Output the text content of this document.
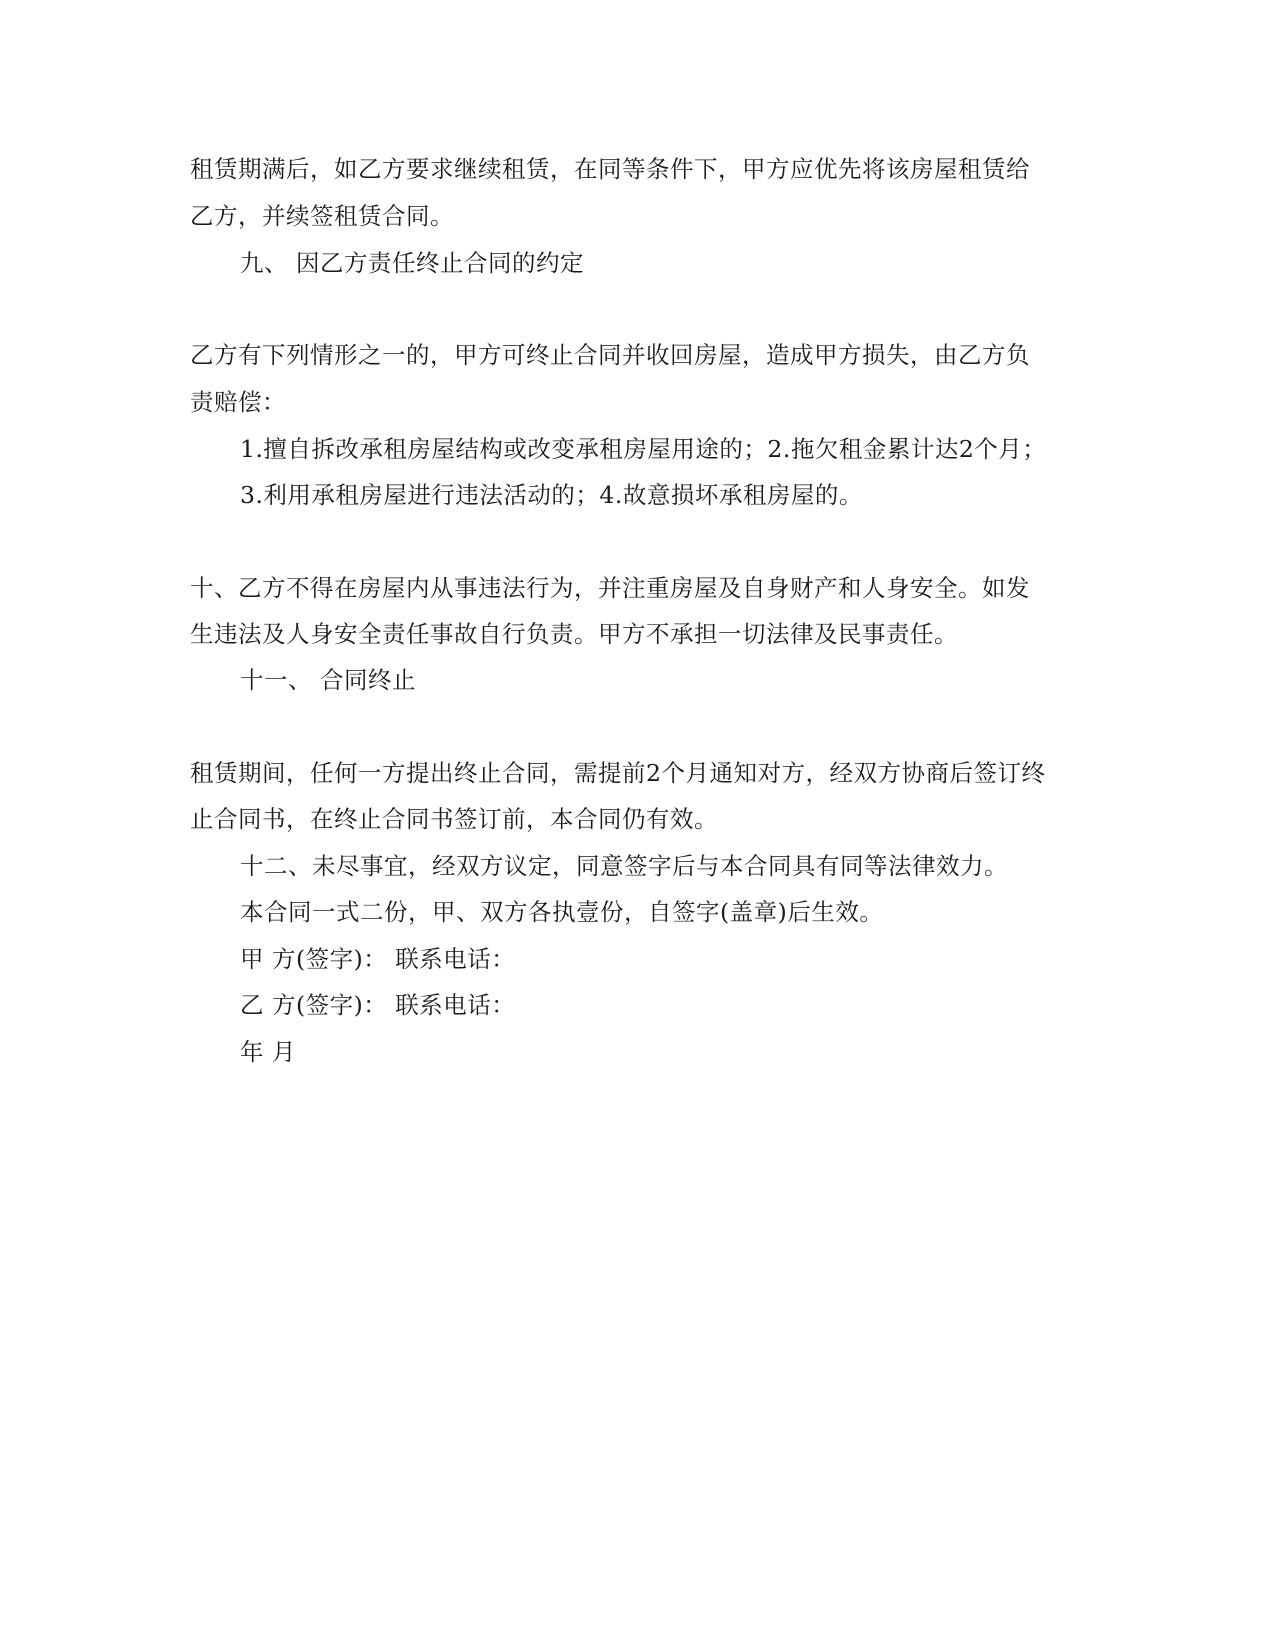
租赁期满后，如乙方要求继续租赁，在同等条件下，甲方应优先将该房屋租赁给
乙方，并续签租赁合同。
九、 因乙方责任终止合同的约定
乙方有下列情形之一的，甲方可终止合同并收回房屋，造成甲方损失，由乙方负
责赔偿：
1.擅自拆改承租房屋结构或改变承租房屋用途的；2.拖欠租金累计达2个月；
3.利用承租房屋进行违法活动的；4.故意损坏承租房屋的。
十、乙方不得在房屋内从事违法行为，并注重房屋及自身财产和人身安全。如发
生违法及人身安全责任事故自行负责。甲方不承担一切法律及民事责任。
十一、 合同终止
租赁期间，任何一方提出终止合同，需提前2个月通知对方，经双方协商后签订终
止合同书，在终止合同书签订前，本合同仍有效。
十二、未尽事宜，经双方议定，同意签字后与本合同具有同等法律效力。
本合同一式二份，甲、双方各执壹份，自签字(盖章)后生效。
甲 方(签字)： 联系电话：
乙 方(签字)： 联系电话：
年 月
